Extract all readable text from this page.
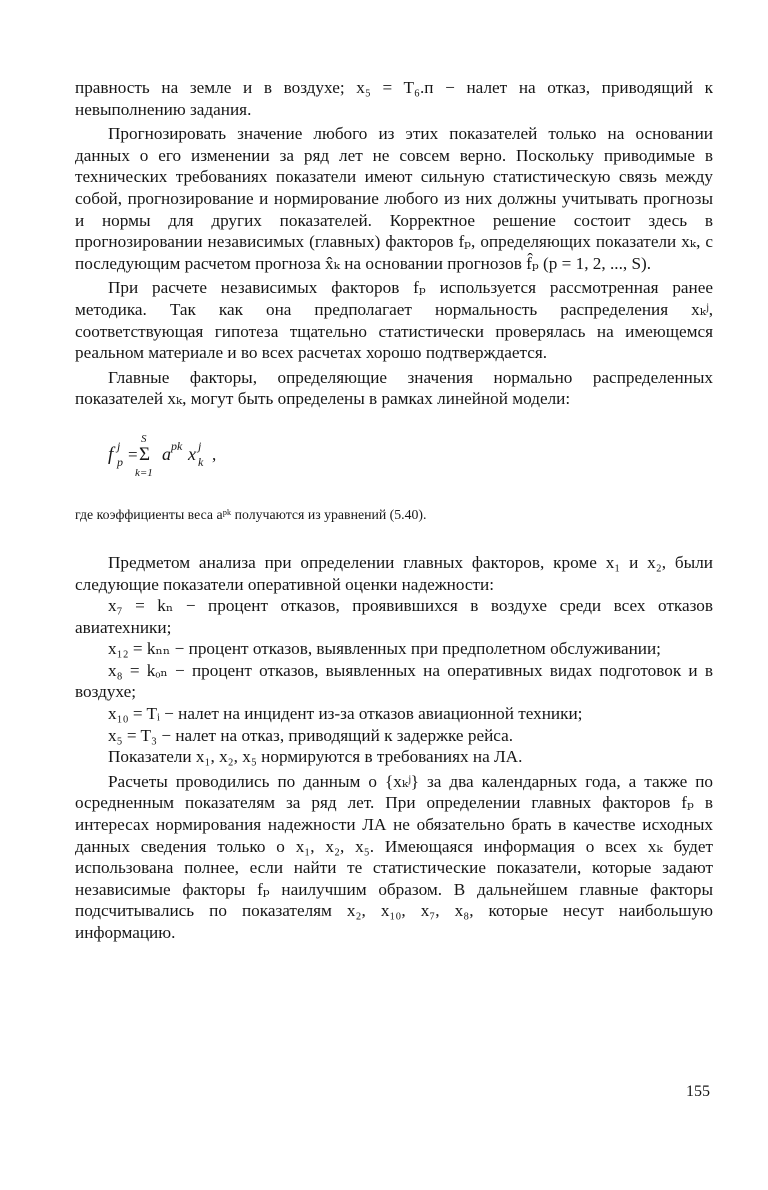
правность на земле и в воздухе; x₅ = T₆.п − налет на отказ, приводящий к невыполнению задания.

Прогнозировать значение любого из этих показателей только на основании данных о его изменении за ряд лет не совсем верно. Поскольку приводимые в технических требованиях показатели имеют сильную статистическую связь между собой, прогнозирование и нормирование любого из них должны учитывать прогнозы и нормы для других показателей. Корректное решение состоит здесь в прогнозировании независимых (главных) факторов fₚ, определяющих показатели xₖ, с последующим расчетом прогноза x̂ₖ на основании прогнозов f̂ₚ (p = 1, 2, ..., S).

При расчете независимых факторов fₚ используется рассмотренная ранее методика. Так как она предполагает нормальность распределения xₖʲ, соответствующая гипотеза тщательно статистически проверялась на имеющемся реальном материале и во всех расчетах хорошо подтверждается.

Главные факторы, определяющие значения нормально распределенных показателей xₖ, могут быть определены в рамках линейной модели:

f j
p =
S
Σ
k=1
a pk x j
k ,

где коэффициенты веса aᵖᵏ получаются из уравнений (5.40).

Предметом анализа при определении главных факторов, кроме x₁ и x₂, были следующие показатели оперативной оценки надежности:

x₇ = kₙ − процент отказов, проявившихся в воздухе среди всех отказов авиатехники;

x₁₂ = kₙₙ − процент отказов, выявленных при предполетном обслуживании;

x₈ = kₒₙ − процент отказов, выявленных на оперативных видах подготовок и в воздухе;

x₁₀ = Tᵢ − налет на инцидент из-за отказов авиационной техники;

x₅ = T₃ − налет на отказ, приводящий к задержке рейса.

Показатели x₁, x₂, x₅ нормируются в требованиях на ЛА.

Расчеты проводились по данным о {xₖʲ} за два календарных года, а также по осредненным показателям за ряд лет. При определении главных факторов fₚ в интересах нормирования надежности ЛА не обязательно брать в качестве исходных данных сведения только о x₁, x₂, x₅. Имеющаяся информация о всех xₖ будет использована полнее, если найти те статистические показатели, которые задают независимые факторы fₚ наилучшим образом. В дальнейшем главные факторы подсчитывались по показателям x₂, x₁₀, x₇, x₈, которые несут наибольшую информацию.

155
